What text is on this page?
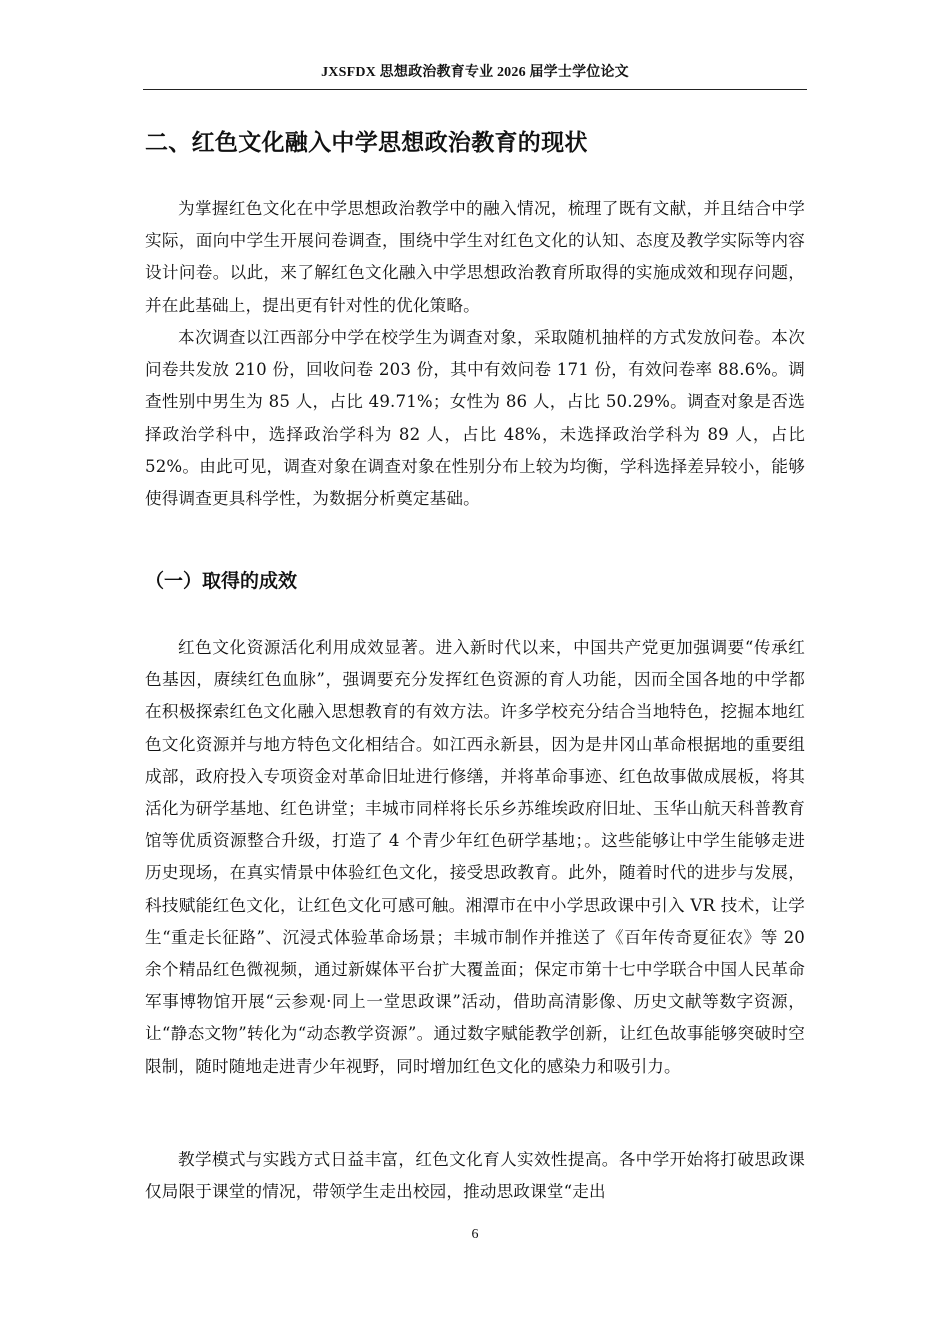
JXSFDX 思想政治教育专业 2026 届学士学位论文
二、红色文化融入中学思想政治教育的现状

为掌握红色文化在中学思想政治教学中的融入情况，梳理了既有文献，并且结合中学实际，面向中学生开展问卷调查，围绕中学生对红色文化的认知、态度及教学实际等内容设计问卷。以此，来了解红色文化融入中学思想政治教育所取得的实施成效和现存问题，并在此基础上，提出更有针对性的优化策略。

本次调查以江西部分中学在校学生为调查对象，采取随机抽样的方式发放问卷。本次问卷共发放 210 份，回收问卷 203 份，其中有效问卷 171 份，有效问卷率 88.6%。调查性别中男生为 85 人，占比 49.71%；女性为 86 人，占比 50.29%。调查对象是否选择政治学科中，选择政治学科为 82 人，占比 48%，未选择政治学科为 89 人，占比 52%。由此可见，调查对象在调查对象在性别分布上较为均衡，学科选择差异较小，能够使得调查更具科学性，为数据分析奠定基础。

（一）取得的成效

红色文化资源活化利用成效显著。进入新时代以来，中国共产党更加强调要“传承红色基因，赓续红色血脉”，强调要充分发挥红色资源的育人功能，因而全国各地的中学都在积极探索红色文化融入思想教育的有效方法。许多学校充分结合当地特色，挖掘本地红色文化资源并与地方特色文化相结合。如江西永新县，因为是井冈山革命根据地的重要组成部，政府投入专项资金对革命旧址进行修缮，并将革命事迹、红色故事做成展板，将其活化为研学基地、红色讲堂；丰城市同样将长乐乡苏维埃政府旧址、玉华山航天科普教育馆等优质资源整合升级，打造了 4 个青少年红色研学基地；。这些能够让中学生能够走进历史现场，在真实情景中体验红色文化，接受思政教育。此外，随着时代的进步与发展，科技赋能红色文化，让红色文化可感可触。湘潭市在中小学思政课中引入 VR 技术，让学生“重走长征路”、沉浸式体验革命场景；丰城市制作并推送了《百年传奇夏征农》等 20 余个精品红色微视频，通过新媒体平台扩大覆盖面；保定市第十七中学联合中国人民革命军事博物馆开展“云参观·同上一堂思政课”活动，借助高清影像、历史文献等数字资源，让“静态文物”转化为“动态教学资源”。通过数字赋能教学创新，让红色故事能够突破时空限制，随时随地走进青少年视野，同时增加红色文化的感染力和吸引力。

教学模式与实践方式日益丰富，红色文化育人实效性提高。各中学开始将打破思政课仅局限于课堂的情况，带领学生走出校园，推动思政课堂“走出

6
